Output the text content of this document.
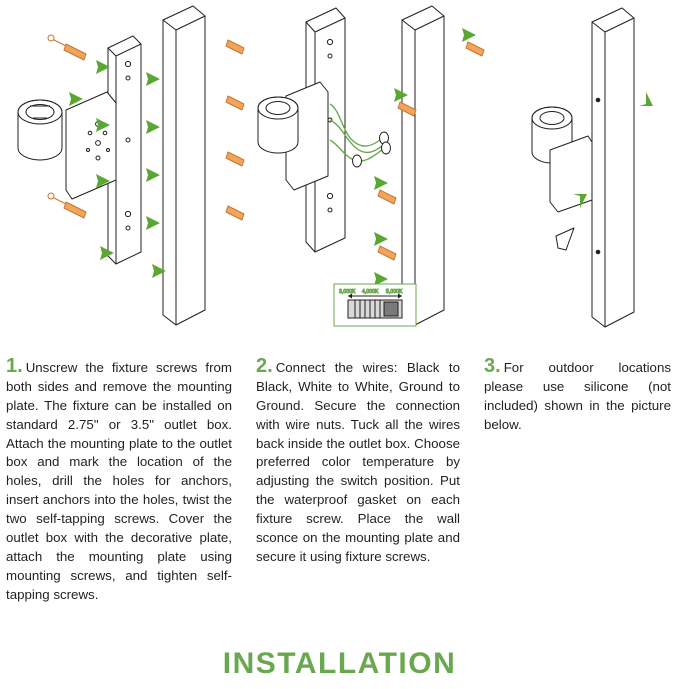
3,000K 4,000K 5,000K

1. Unscrew the fixture screws from both sides and remove the mounting plate. The fixture can be installed on standard 2.75" or 3.5" outlet box. Attach the mounting plate to the outlet box and mark the location of the holes, drill the holes for anchors, insert anchors into the holes, twist the two self-tapping screws. Cover the outlet box with the decorative plate, attach the mounting plate using mounting screws, and tighten self-tapping screws.

2. Connect the wires: Black to Black, White to White, Ground to Ground. Secure the connection with wire nuts. Tuck all the wires back inside the outlet box. Choose preferred color temperature by adjusting the switch position. Put the waterproof gasket on each fixture screw. Place the wall sconce on the mounting plate and secure it using fixture screws.

3. For outdoor locations please use silicone (not included) shown in the picture below.

INSTALLATION
